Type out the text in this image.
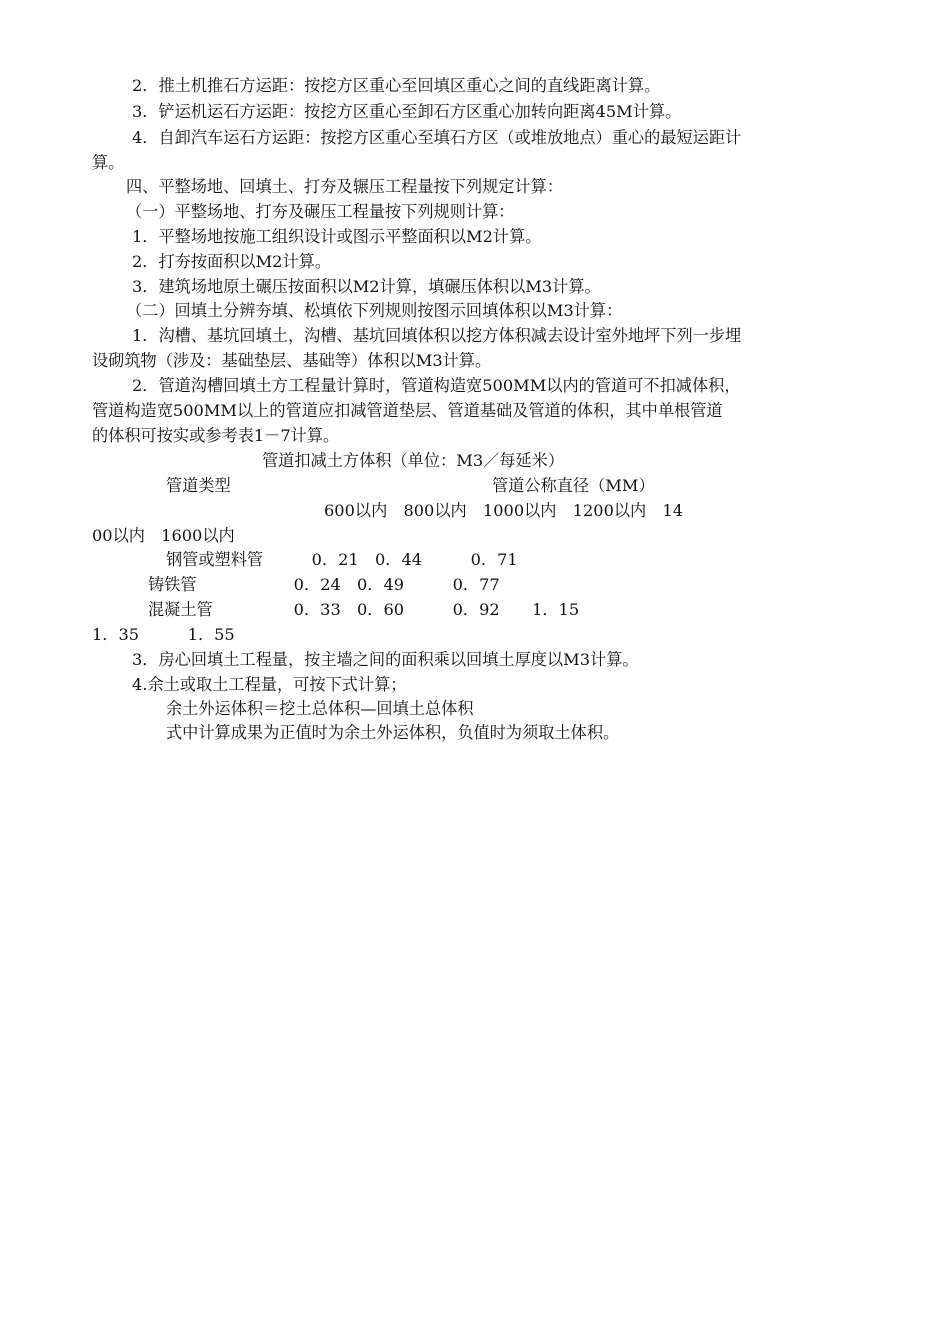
2．推土机推石方运距：按挖方区重心至回填区重心之间的直线距离计算。
3．铲运机运石方运距：按挖方区重心至卸石方区重心加转向距离45M计算。
4．自卸汽车运石方运距：按挖方区重心至填石方区（或堆放地点）重心的最短运距计
算。
四、平整场地、回填土、打夯及辗压工程量按下列规定计算：
（一）平整场地、打夯及碾压工程量按下列规则计算：
1．平整场地按施工组织设计或图示平整面积以M2计算。
2．打夯按面积以M2计算。
3．建筑场地原土碾压按面积以M2计算，填碾压体积以M3计算。
（二）回填土分辨夯填、松填依下列规则按图示回填体积以M3计算：
1．沟槽、基坑回填土，沟槽、基坑回填体积以挖方体积减去设计室外地坪下列一步埋
设砌筑物（涉及：基础垫层、基础等）体积以M3计算。
2．管道沟槽回填土方工程量计算时，管道构造宽500MM以内的管道可不扣减体积，
管道构造宽500MM以上的管道应扣减管道垫层、管道基础及管道的体积，其中单根管道
的体积可按实或参考表1－7计算。
管道扣减土方体积（单位：M3／每延米）
管道类型	管道公称直径（MM）
600以内　800以内　1000以内　1200以内　14
00以内　1600以内
钢管或塑料管　　　0．21　0．44　　　0．71
铸铁管　　　　　　0．24　0．49　　　0．77
混凝土管　　　　　0．33　0．60　　　0．92　　1．15
1．35　　　1．55
3．房心回填土工程量，按主墙之间的面积乘以回填土厚度以M3计算。
4.余土或取土工程量，可按下式计算；
余土外运体积＝挖土总体积—回填土总体积
式中计算成果为正值时为余土外运体积，负值时为须取土体积。
